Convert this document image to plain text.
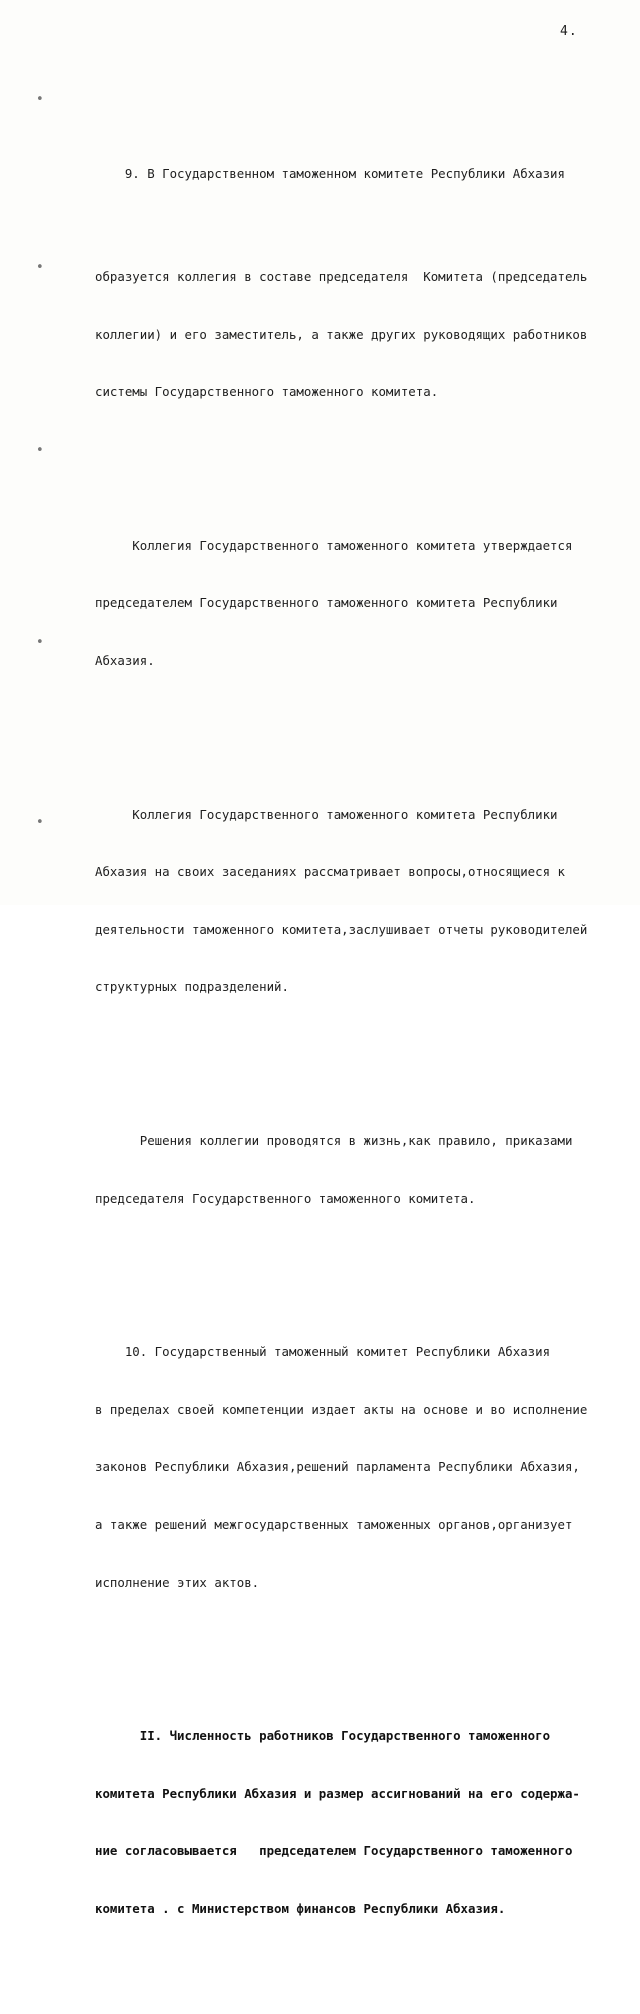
4.
•
•
•
•
•

9. В Государственном таможенном комитете Республики Абхазия

образуется коллегия в составе председателя  Комитета (председатель

коллегии) и его заместитель, а также других руководящих работников

системы Государственного таможенного комитета.

Коллегия Государственного таможенного комитета утверждается

председателем Государственного таможенного комитета Республики

Абхазия.

Коллегия Государственного таможенного комитета Республики

Абхазия на своих заседаниях рассматривает вопросы,относящиеся к

деятельности таможенного комитета,заслушивает отчеты руководителей

структурных подразделений.

Решения коллегии проводятся в жизнь,как правило, приказами

председателя Государственного таможенного комитета.

10. Государственный таможенный комитет Республики Абхазия

в пределах своей компетенции издает акты на основе и во исполнение

законов Республики Абхазия,решений парламента Республики Абхазия,

а также решений межгосударственных таможенных органов,организует

исполнение этих актов.

II. Численность работников Государственного таможенного

комитета Республики Абхазия и размер ассигнований на его содержа-

ние согласовывается   председателем Государственного таможенного

комитета . с Министерством финансов Республики Абхазия.
